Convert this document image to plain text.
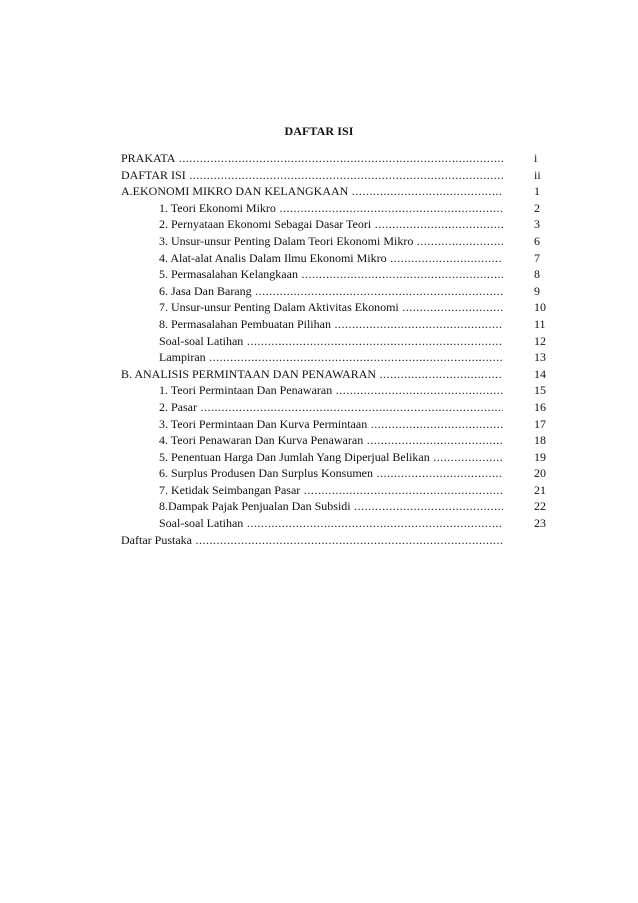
DAFTAR ISI
PRAKATA .....	i
DAFTAR ISI .....	ii
A.EKONOMI MIKRO DAN KELANGKAAN .....	1
1. Teori Ekonomi Mikro .....	2
2. Pernyataan Ekonomi Sebagai Dasar Teori .....	3
3. Unsur-unsur Penting Dalam Teori Ekonomi Mikro .....	6
4. Alat-alat Analis Dalam Ilmu Ekonomi Mikro .....	7
5. Permasalahan Kelangkaan .....	8
6. Jasa Dan Barang .....	9
7. Unsur-unsur Penting Dalam Aktivitas Ekonomi .....	10
8. Permasalahan Pembuatan Pilihan .....	11
Soal-soal Latihan .....	12
Lampiran .....	13
B. ANALISIS PERMINTAAN DAN PENAWARAN .....	14
1. Teori Permintaan Dan Penawaran .....	15
2. Pasar .....	16
3. Teori Permintaan Dan Kurva Permintaan .....	17
4. Teori Penawaran Dan Kurva Penawaran .....	18
5. Penentuan Harga Dan Jumlah Yang Diperjual Belikan .....	19
6. Surplus Produsen Dan Surplus Konsumen .....	20
7. Ketidak Seimbangan Pasar .....	21
8.Dampak Pajak Penjualan Dan Subsidi .....	22
Soal-soal Latihan .....	23
Daftar Pustaka .....
